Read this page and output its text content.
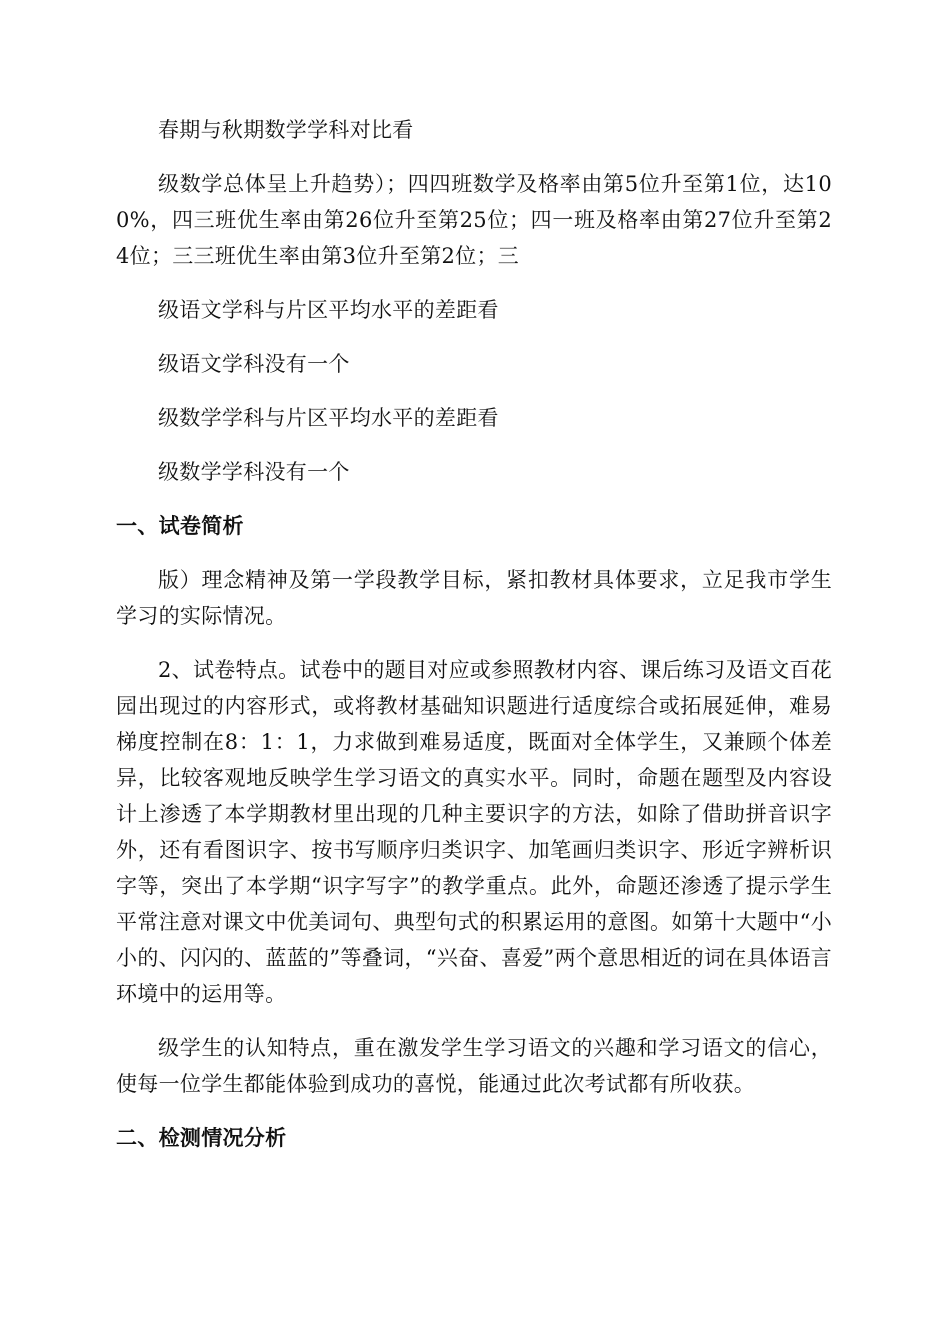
春期与秋期数学学科对比看

级数学总体呈上升趋势）；四四班数学及格率由第5位升至第1位，达100%，四三班优生率由第26位升至第25位；四一班及格率由第27位升至第24位；三三班优生率由第3位升至第2位；三

级语文学科与片区平均水平的差距看

级语文学科没有一个

级数学学科与片区平均水平的差距看

级数学学科没有一个

一、试卷简析

版）理念精神及第一学段教学目标，紧扣教材具体要求，立足我市学生学习的实际情况。

2、试卷特点。试卷中的题目对应或参照教材内容、课后练习及语文百花园出现过的内容形式，或将教材基础知识题进行适度综合或拓展延伸，难易梯度控制在8：1：1，力求做到难易适度，既面对全体学生，又兼顾个体差异，比较客观地反映学生学习语文的真实水平。同时，命题在题型及内容设计上渗透了本学期教材里出现的几种主要识字的方法，如除了借助拼音识字外，还有看图识字、按书写顺序归类识字、加笔画归类识字、形近字辨析识字等，突出了本学期“识字写字”的教学重点。此外，命题还渗透了提示学生平常注意对课文中优美词句、典型句式的积累运用的意图。如第十大题中“小小的、闪闪的、蓝蓝的”等叠词，“兴奋、喜爱”两个意思相近的词在具体语言环境中的运用等。

级学生的认知特点，重在激发学生学习语文的兴趣和学习语文的信心，使每一位学生都能体验到成功的喜悦，能通过此次考试都有所收获。

二、检测情况分析
